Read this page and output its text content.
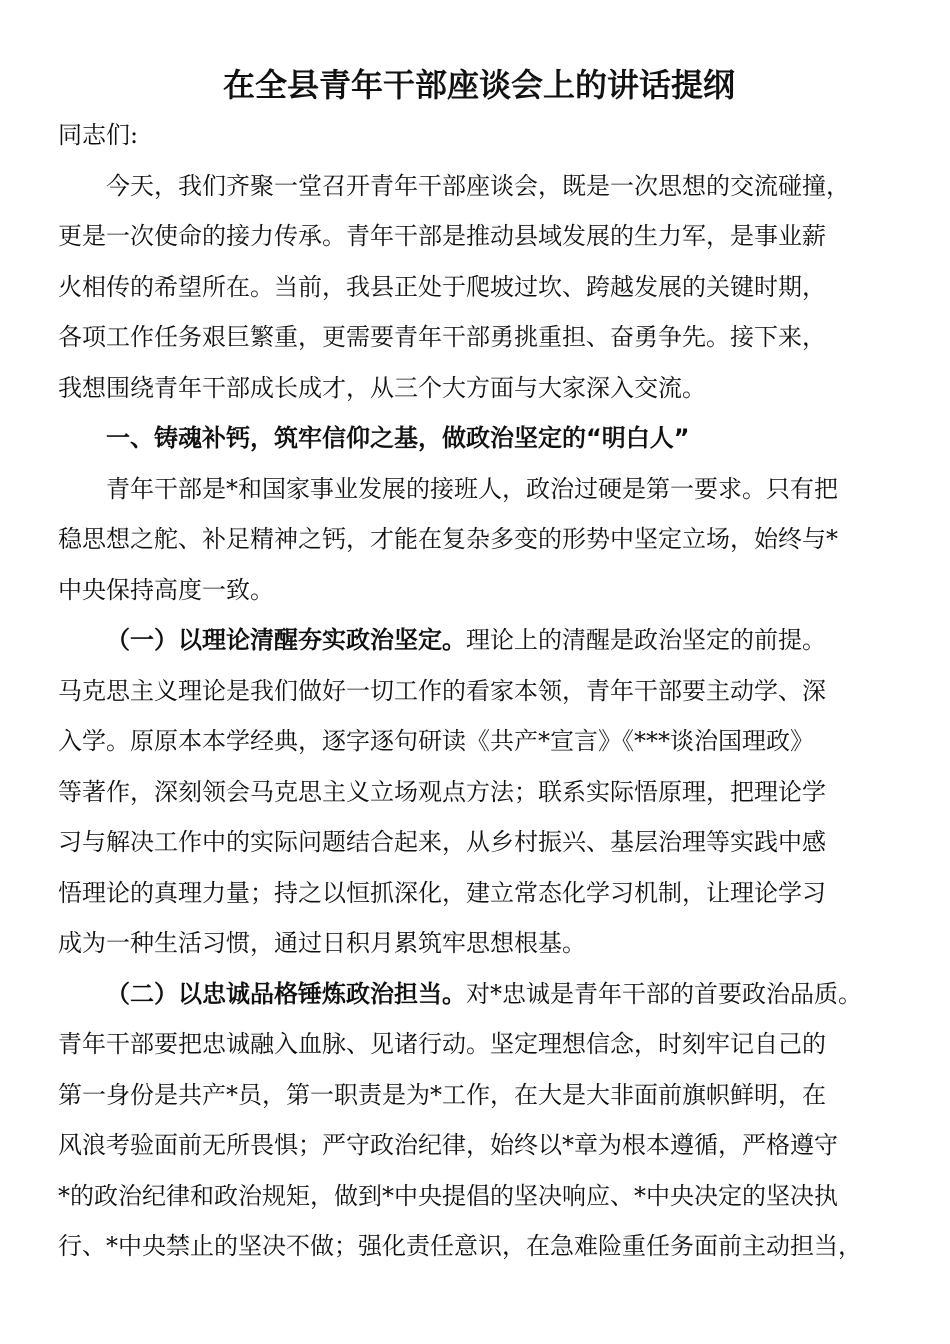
在全县青年干部座谈会上的讲话提纲
同志们:
今天，我们齐聚一堂召开青年干部座谈会，既是一次思想的交流碰撞，
更是一次使命的接力传承。青年干部是推动县域发展的生力军，是事业薪
火相传的希望所在。当前，我县正处于爬坡过坎、跨越发展的关键时期，
各项工作任务艰巨繁重，更需要青年干部勇挑重担、奋勇争先。接下来，
我想围绕青年干部成长成才，从三个大方面与大家深入交流。
一、铸魂补钙，筑牢信仰之基，做政治坚定的“明白人”
青年干部是*和国家事业发展的接班人，政治过硬是第一要求。只有把
稳思想之舵、补足精神之钙，才能在复杂多变的形势中坚定立场，始终与*
中央保持高度一致。
（一）以理论清醒夯实政治坚定。理论上的清醒是政治坚定的前提。
马克思主义理论是我们做好一切工作的看家本领，青年干部要主动学、深
入学。原原本本学经典，逐字逐句研读《共产*宣言》《***谈治国理政》
等著作，深刻领会马克思主义立场观点方法；联系实际悟原理，把理论学
习与解决工作中的实际问题结合起来，从乡村振兴、基层治理等实践中感
悟理论的真理力量；持之以恒抓深化，建立常态化学习机制，让理论学习
成为一种生活习惯，通过日积月累筑牢思想根基。
（二）以忠诚品格锤炼政治担当。对*忠诚是青年干部的首要政治品质。
青年干部要把忠诚融入血脉、见诸行动。坚定理想信念，时刻牢记自己的
第一身份是共产*员，第一职责是为*工作，在大是大非面前旗帜鲜明，在
风浪考验面前无所畏惧；严守政治纪律，始终以*章为根本遵循，严格遵守
*的政治纪律和政治规矩，做到*中央提倡的坚决响应、*中央决定的坚决执
行、*中央禁止的坚决不做；强化责任意识，在急难险重任务面前主动担当，
